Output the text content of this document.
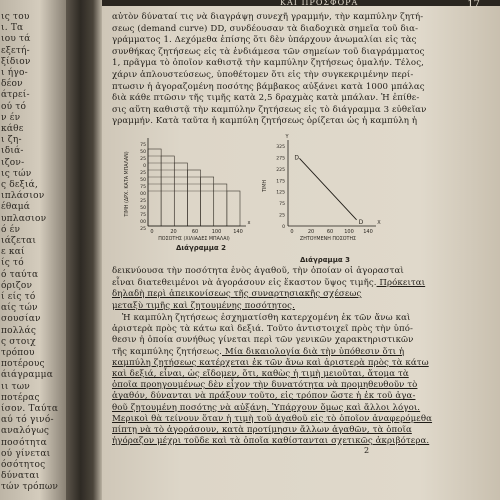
ις του
ι. Τα
ιου τά
εξετή-
ξίδιον
ι ήγο-
δέον
άτρεί-
ού τό
ν έν
κάθε
ι ζη-
ιδιά-
ιζον-
ις τών
ς δεξιά,
ιπλάσιον
έθαμά
υπλασιον
ό έν
ιάζεται
ε καί
ίς τό
ό ταύτα
όριζον
ί είς τό
αίς τών
σουσίαν
πολλάς
ς στοιχ
τρόπου
ποτέρους
άιάγραμμα
ιι των
ποτέρας
ίσον. Ταύτα
αύ τό γινό-
αναλόγως
ποσότητα
ού γίνεται
όσότητος
δύναται
τών τρόπων
ΚΑΙ ΠΡΟΣΦΟΡΑ	17
αὐτὸν δύναταί τις νὰ διαγράψῃ συνεχῆ γραμμήν, τὴν καμπύλην ζητή-
σεως (demand curve) DD, συνδέουσαν τὰ διαδοχικὰ σημεῖα τοῦ δια-
γράμματος 1. Δεχόμεθα ἐπίσης ὅτι δὲν ὑπάρχουν ἀνωμαλίαι εἰς τὰς
συνθήκας ζητήσεως εἰς τὰ ἐνδιάμεσα τῶν σημείων τοῦ διαγράμματος
1, πρᾶγμα τὸ ὁποῖον καθιστᾷ τὴν καμπύλην ζητήσεως ὁμαλήν. Τέλος,
χάριν ἁπλουστεύσεως, ὑποθέτομεν ὅτι εἰς τὴν συγκεκριμένην περί-
πτωσιν ἡ ἀγοραζομένη ποσότης βάμβακος αὐξάνει κατὰ 1000 μπάλας
διὰ κάθε πτῶσιν τῆς τιμῆς κατὰ 2,5 δραχμὰς κατὰ μπάλαν. Ἡ ἐπίθε-
σις αὕτη καθιστᾷ τὴν καμπύλην ζητήσεως εἰς τὸ διάγραμμα 3 εὐθεῖαν
γραμμήν. Κατὰ ταῦτα ἡ καμπύλη ζητήσεως ὁρίζεται ὡς ἡ καμπύλη ἡ
75
50
25
0
25
50
75
00
25
50
75
00
25 0	20	60	100 140
x
ΠΟΣΟΤΗΣ (ΧΙΛΙΑΔΕΣ ΜΠΑΛΑΙ)
ΤΙΜΗ (ΔΡΧ. ΚΑΤΑ ΜΠΑΛΑΝ)
Διάγραμμα 2
Υ
Χ
325
275
225
175
125
75
25
0
0	20	60 100 140
D
D
ΖΗΤΟΥΜΕΝΗ ΠΟΣΟΤΗΣ
ΤΙΜΗ
Διάγραμμα 3
δεικνύουσα τὴν ποσότητα ἑνὸς ἀγαθοῦ, τὴν ὁποίαν οἱ ἀγορασταὶ
εἶναι διατεθειμένοι νὰ ἀγοράσουν εἰς ἕκαστον ὕψος τιμῆς. Πρόκειται
δηλαδὴ περὶ ἀπεικονίσεως τῆς συναρτησιακῆς σχέσεως
μεταξὺ τιμῆς καὶ ζητουμένης ποσότητος.
Ἡ καμπύλη ζητήσεως ἐσχηματίσθη κατερχομένη ἐκ τῶν ἄνω καὶ
ἀριστερὰ πρὸς τὰ κάτω καὶ δεξιά. Τοῦτο ἀντιστοιχεῖ πρὸς τὴν ὑπό-
θεσιν ἡ ὁποία συνήθως γίνεται περὶ τῶν γενικῶν χαρακτηριστικῶν
τῆς καμπύλης ζητήσεως. Μία δικαιολογία διὰ τὴν ὑπόθεσιν ὅτι ἡ
καμπύλη ζητήσεως κατέρχεται ἐκ τῶν ἄνω καὶ ἀριστερὰ πρὸς τὰ κάτω
καὶ δεξιά, εἶναι, ὡς εἴδομεν, ὅτι, καθὼς ἡ τιμὴ μειοῦται, ἄτομα τὰ
ὁποῖα προηγουμένως δὲν εἶχον τὴν δυνατότητα νὰ προμηθευθοῦν τὸ
ἀγαθόν, δύνανται νὰ πράξουν τοῦτο, εἰς τρόπον ὥστε ἡ ἐκ τοῦ ἀγα-
θοῦ ζητουμένη ποσότης νὰ αὐξάνῃ. Ὑπάρχουν ὅμως καὶ ἄλλοι λόγοι.
Μερικοὶ θὰ τείνουν ὅταν ἡ τιμὴ τοῦ ἀγαθοῦ εἰς τὸ ὁποῖον ἀναφερόμεθα
πίπτῃ νὰ τὸ ἀγοράσουν, κατὰ προτίμησιν ἄλλων ἀγαθῶν, τὰ ὁποῖα
ἠγόραζον μέχρι τοῦδε καὶ τὰ ὁποῖα καθίστανται σχετικῶς ἀκριβότερα.
2
